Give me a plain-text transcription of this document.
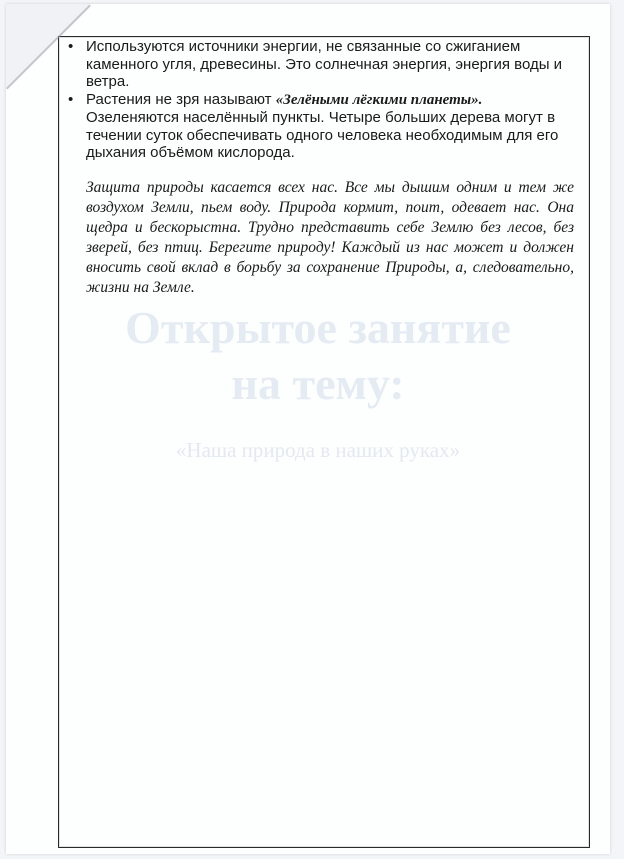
Открытое занятие
на тему:
«Наша природа в наших руках»
• Используются источники энергии, не связанные со сжиганием каменного угля, древесины. Это солнечная энергия, энергия воды и ветра.
• Растения не зря называют «Зелёными лёгкими планеты». Озеленяются населённый пункты. Четыре больших дерева могут в течении суток обеспечивать одного человека необходимым для его дыхания объёмом кислорода.

Защита природы касается всех нас. Все мы дышим одним и тем же воздухом Земли, пьем воду. Природа кормит, поит, одевает нас. Она щедра и бескорыстна. Трудно представить себе Землю без лесов, без зверей, без птиц. Берегите природу! Каждый из нас может и должен вносить свой вклад в борьбу за сохранение Природы, а, следовательно, жизни на Земле.
